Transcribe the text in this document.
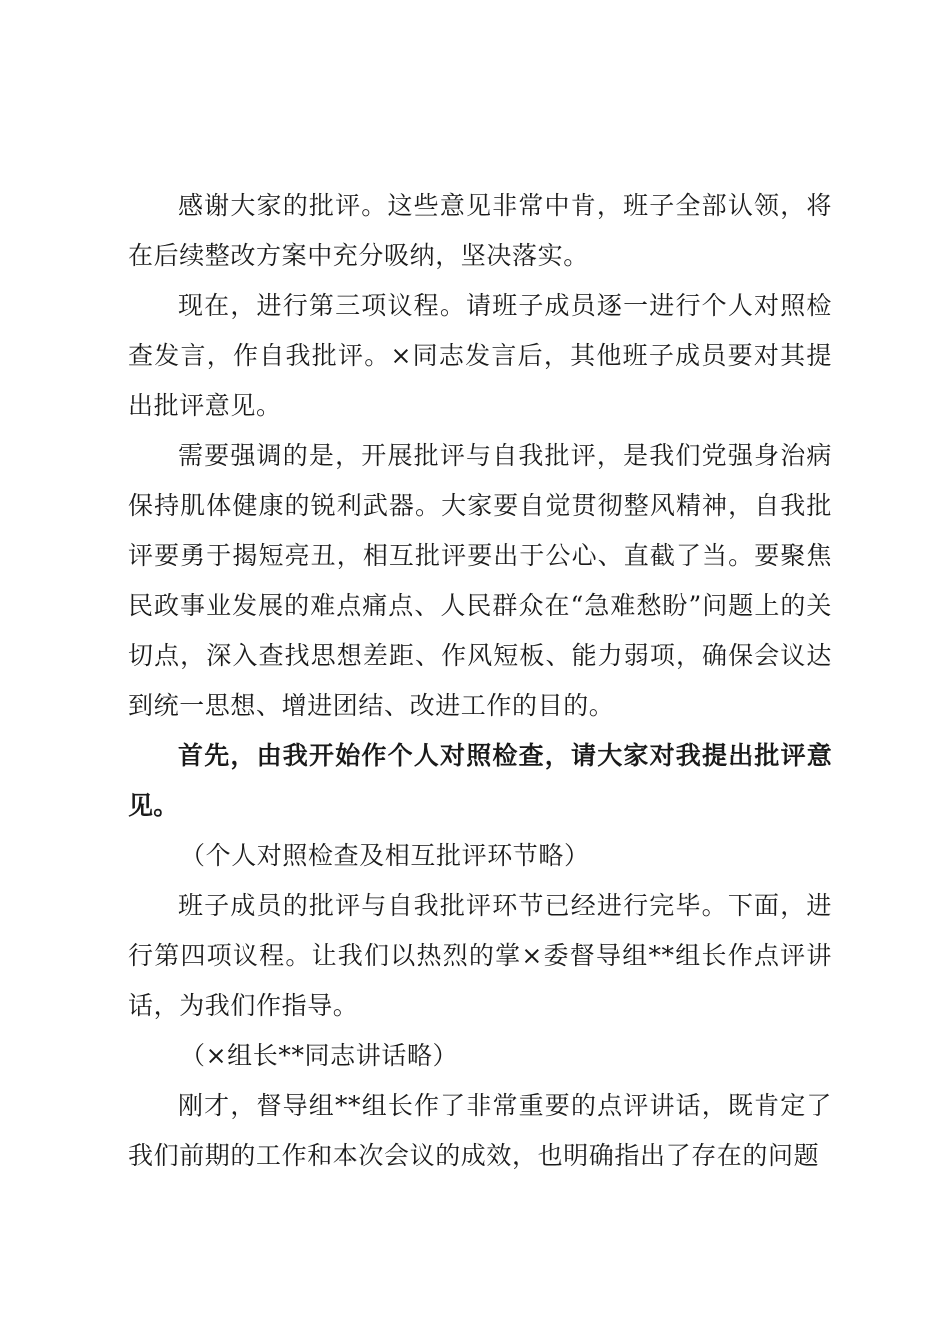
感谢大家的批评。这些意见非常中肯，班子全部认领，将在后续整改方案中充分吸纳，坚决落实。

现在，进行第三项议程。请班子成员逐一进行个人对照检查发言，作自我批评。×同志发言后，其他班子成员要对其提出批评意见。

需要强调的是，开展批评与自我批评，是我们党强身治病保持肌体健康的锐利武器。大家要自觉贯彻整风精神，自我批评要勇于揭短亮丑，相互批评要出于公心、直截了当。要聚焦民政事业发展的难点痛点、人民群众在“急难愁盼”问题上的关切点，深入查找思想差距、作风短板、能力弱项，确保会议达到统一思想、增进团结、改进工作的目的。

首先，由我开始作个人对照检查，请大家对我提出批评意见。

（个人对照检查及相互批评环节略）

班子成员的批评与自我批评环节已经进行完毕。下面，进行第四项议程。让我们以热烈的掌×委督导组**组长作点评讲话，为我们作指导。

（×组长**同志讲话略）

刚才，督导组**组长作了非常重要的点评讲话，既肯定了我们前期的工作和本次会议的成效，也明确指出了存在的问题
